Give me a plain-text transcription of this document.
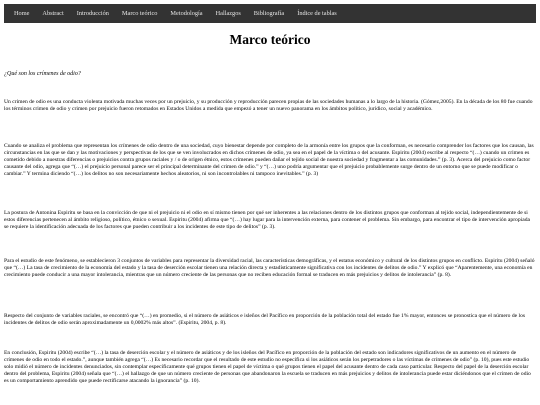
Home	Abstract	Introducción	Marco teórico	Metodología	Hallazgos	Bibliografía	Índice de tablas
Marco teórico

¿Qué son los crímenes de odio?

Un crimen de odio es una conducta violenta motivada muchas veces por un prejuicio, y su producción y reproducción parecen propias de las sociedades humanas a lo largo de la historia. (Gómez,2005). En la década de los 80 fue cuando los términos crimen de odio y crimen por prejuicio fueron retomados en Estados Unidos a medida que empezó a tener un nuevo panorama en los ámbitos político, jurídico, social y académico.

Cuando se analiza el problema que representan los crímenes de odio dentro de una sociedad, cuyo bienestar depende por completo de la armonía entre los grupos que la conforman, es necesario comprender los factores que los causan, las circunstancias en las que se dan y las motivaciones y perspectivas de los que se ven involucrados en dichos crímenes de odio, ya sea en el papel de la víctima o del acusante. Espiritu (2004) escribe al respecto “(…) cuando un crimen es cometido debido a nuestras diferencias o prejuicios contra grupos raciales y / o de origen étnico, estos crímenes pueden dañar el tejido social de nuestra sociedad y fragmentar a las comunidades.” (p. 3). Acerca del prejuicio como factor causante del odio, agrega que “(…) el prejuicio personal parece ser el principal determinante del crimen de odio.” y “(…) uno podría argumentar que el prejuicio probablemente surge dentro de un entorno que se puede modificar o cambiar.” Y termina diciendo “(…) los delitos no son necesariamente hechos aleatorios, ni son incontrolables ni tampoco inevitables.” (p. 3)

La postura de Antonina Espiritu se basa en la convicción de que ni el prejuicio ni el odio en sí mismo tienen por qué ser inherentes a las relaciones dentro de los distintos grupos que conforman al tejido social, independientemente de si estos diferencias pertenecen al ámbito religioso, político, étnico o sexual. Espiritu (2004) afirma que “(…) hay lugar para la intervención externa, para contener el problema. Sin embargo, para encontrar el tipo de intervención apropiada se requiere la identificación adecuada de los factores que pueden contribuir a los incidentes de este tipo de delitos” (p. 3).

Para el estudio de este fenómeno, se establecieron 3 conjuntos de variables para representar la diversidad racial, las características demográficas, y el estatus económico y cultural de los distintos grupos en conflicto. Espiritu (2004) señaló que “(…) La tasa de crecimiento de la economía del estado y la tasa de deserción escolar tienen una relación directa y estadísticamente significativa con los incidentes de delitos de odio.” Y explicó que “Aparentemente, una economía en crecimiento puede conducir a una mayor intolerancia, mientras que un número creciente de las personas que no reciben educación formal se traducen en más prejuicios y delitos de intolerancia” (p. 8).

Respecto del conjunto de variables raciales, se encontró que “(…) en promedio, si el número de asiáticos e isleños del Pacífico en proporción de la población total del estado fue 1% mayor, entonces se pronostica que el número de los incidentes de delitos de odio serán aproximadamente un 0,0002% más altos”. (Espiritu, 2004, p. 8).

En conclusión, Espiritu (2004) escribe “(…) la tasa de deserción escolar y el número de asiáticos y de los isleños del Pacífico en proporción de la población del estado son indicadores significativos de un aumento en el número de crímenes de odio en todo el estado.”, aunque también agrega “(…) Es necesario recordar que el resultado de este estudio no especifica si los asiáticos serán los perpetradores o las víctimas de crímenes de odio” (p. 10), pues este estudio solo midió el número de incidentes denunciados, sin contemplar específicamente qué grupos tienen el papel de víctima o qué grupos tienen el papel del acusante dentro de cada caso particular. Respecto del papel de la deserción escolar dentro del problema, Espiritu (2004) señala que “(…) el hallazgo de que un número creciente de personas que abandonaron la escuela se traducen en más prejuicios y delitos de intolerancia puede estar diciéndonos que el crimen de odio es un comportamiento aprendido que puede rectificarse atacando la ignorancia” (p. 10).
